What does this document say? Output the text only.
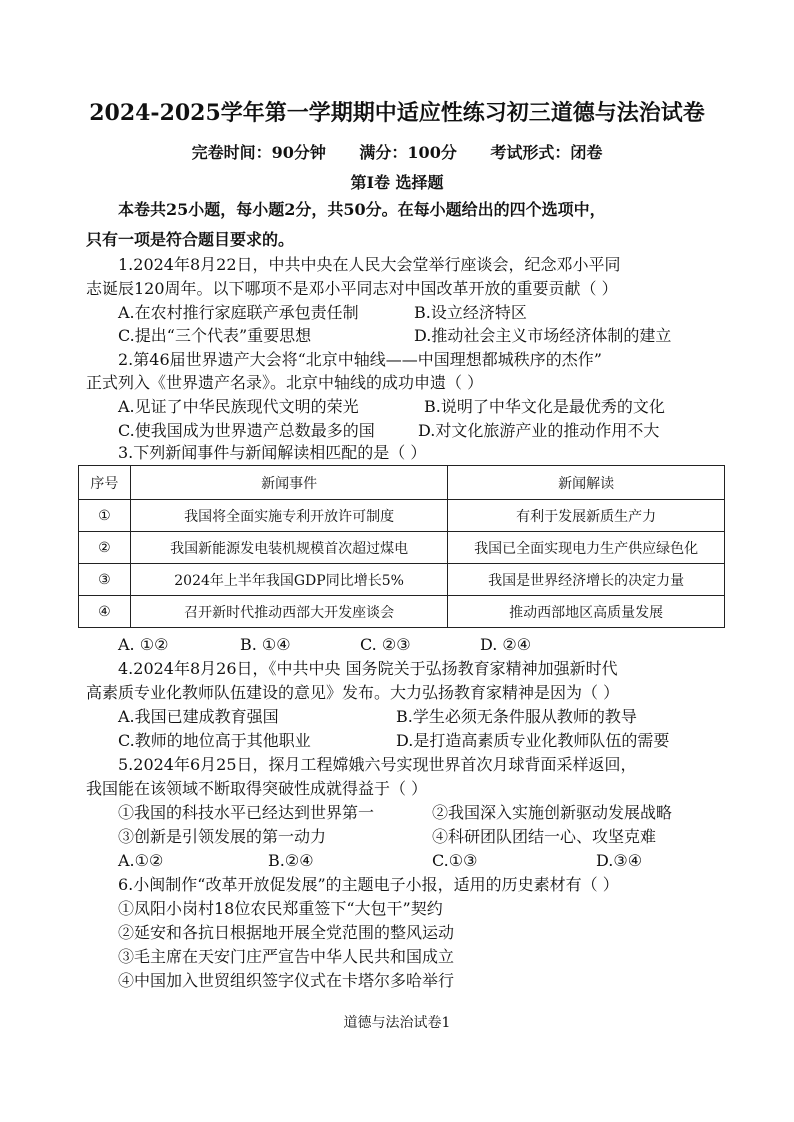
2024-2025学年第一学期期中适应性练习初三道德与法治试卷
完卷时间：90分钟 满分：100分 考试形式：闭卷
第Ⅰ卷 选择题
本卷共25小题，每小题2分，共50分。在每小题给出的四个选项中，
只有一项是符合题目要求的。
1.2024年8月22日，中共中央在人民大会堂举行座谈会，纪念邓小平同
志诞辰120周年。以下哪项不是邓小平同志对中国改革开放的重要贡献（ ）
A.在农村推行家庭联产承包责任制	B.设立经济特区
C.提出“三个代表”重要思想	D.推动社会主义市场经济体制的建立
2.第46届世界遗产大会将“北京中轴线——中国理想都城秩序的杰作”
正式列入《世界遗产名录》。北京中轴线的成功申遗（ ）
A.见证了中华民族现代文明的荣光	B.说明了中华文化是最优秀的文化
C.使我国成为世界遗产总数最多的国	D.对文化旅游产业的推动作用不大
3.下列新闻事件与新闻解读相匹配的是（ ）
序号	新闻事件	新闻解读
①	我国将全面实施专利开放许可制度	有利于发展新质生产力
②	我国新能源发电装机规模首次超过煤电	我国已全面实现电力生产供应绿色化
③	2024年上半年我国GDP同比增长5%	我国是世界经济增长的决定力量
④	召开新时代推动西部大开发座谈会	推动西部地区高质量发展
A. ①②	B. ①④	C. ②③	D. ②④
4.2024年8月26日，《中共中央 国务院关于弘扬教育家精神加强新时代
高素质专业化教师队伍建设的意见》发布。大力弘扬教育家精神是因为（ ）
A.我国已建成教育强国	B.学生必须无条件服从教师的教导
C.教师的地位高于其他职业	D.是打造高素质专业化教师队伍的需要
5.2024年6月25日，探月工程嫦娥六号实现世界首次月球背面采样返回，
我国能在该领域不断取得突破性成就得益于（ ）
①我国的科技水平已经达到世界第一	②我国深入实施创新驱动发展战略
③创新是引领发展的第一动力	④科研团队团结一心、攻坚克难
A.①②	B.②④	C.①③	D.③④
6.小闽制作“改革开放促发展”的主题电子小报，适用的历史素材有（ ）
①凤阳小岗村18位农民郑重签下“大包干”契约
②延安和各抗日根据地开展全党范围的整风运动
③毛主席在天安门庄严宣告中华人民共和国成立
④中国加入世贸组织签字仪式在卡塔尔多哈举行
道德与法治试卷1
